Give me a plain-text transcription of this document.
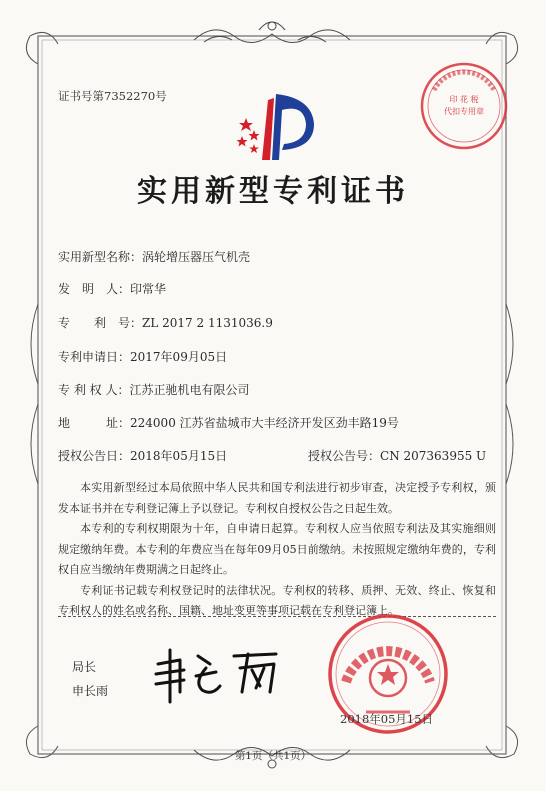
证书号第7352270号	印 花 税
代扣专用章
实用新型专利证书
实用新型名称：涡轮增压器压气机壳
发　明　人：印常华
专　　利　号：ZL 2017 2 1131036.9
专利申请日：2017年09月05日
专 利 权 人：江苏正驰机电有限公司
地　　　址：224000 江苏省盐城市大丰经济开发区劲丰路19号
授权公告日：2018年05月15日	授权公告号：CN 207363955 U

本实用新型经过本局依照中华人民共和国专利法进行初步审查，决定授予专利权，颁发本证书并在专利登记簿上予以登记。专利权自授权公告之日起生效。

本专利的专利权期限为十年，自申请日起算。专利权人应当依照专利法及其实施细则规定缴纳年费。本专利的年费应当在每年09月05日前缴纳。未按照规定缴纳年费的，专利权自应当缴纳年费期满之日起终止。

专利证书记载专利权登记时的法律状况。专利权的转移、质押、无效、终止、恢复和专利权人的姓名或名称、国籍、地址变更等事项记载在专利登记簿上。

局长
申长雨
2018年05月15日
第1页（共1页）
